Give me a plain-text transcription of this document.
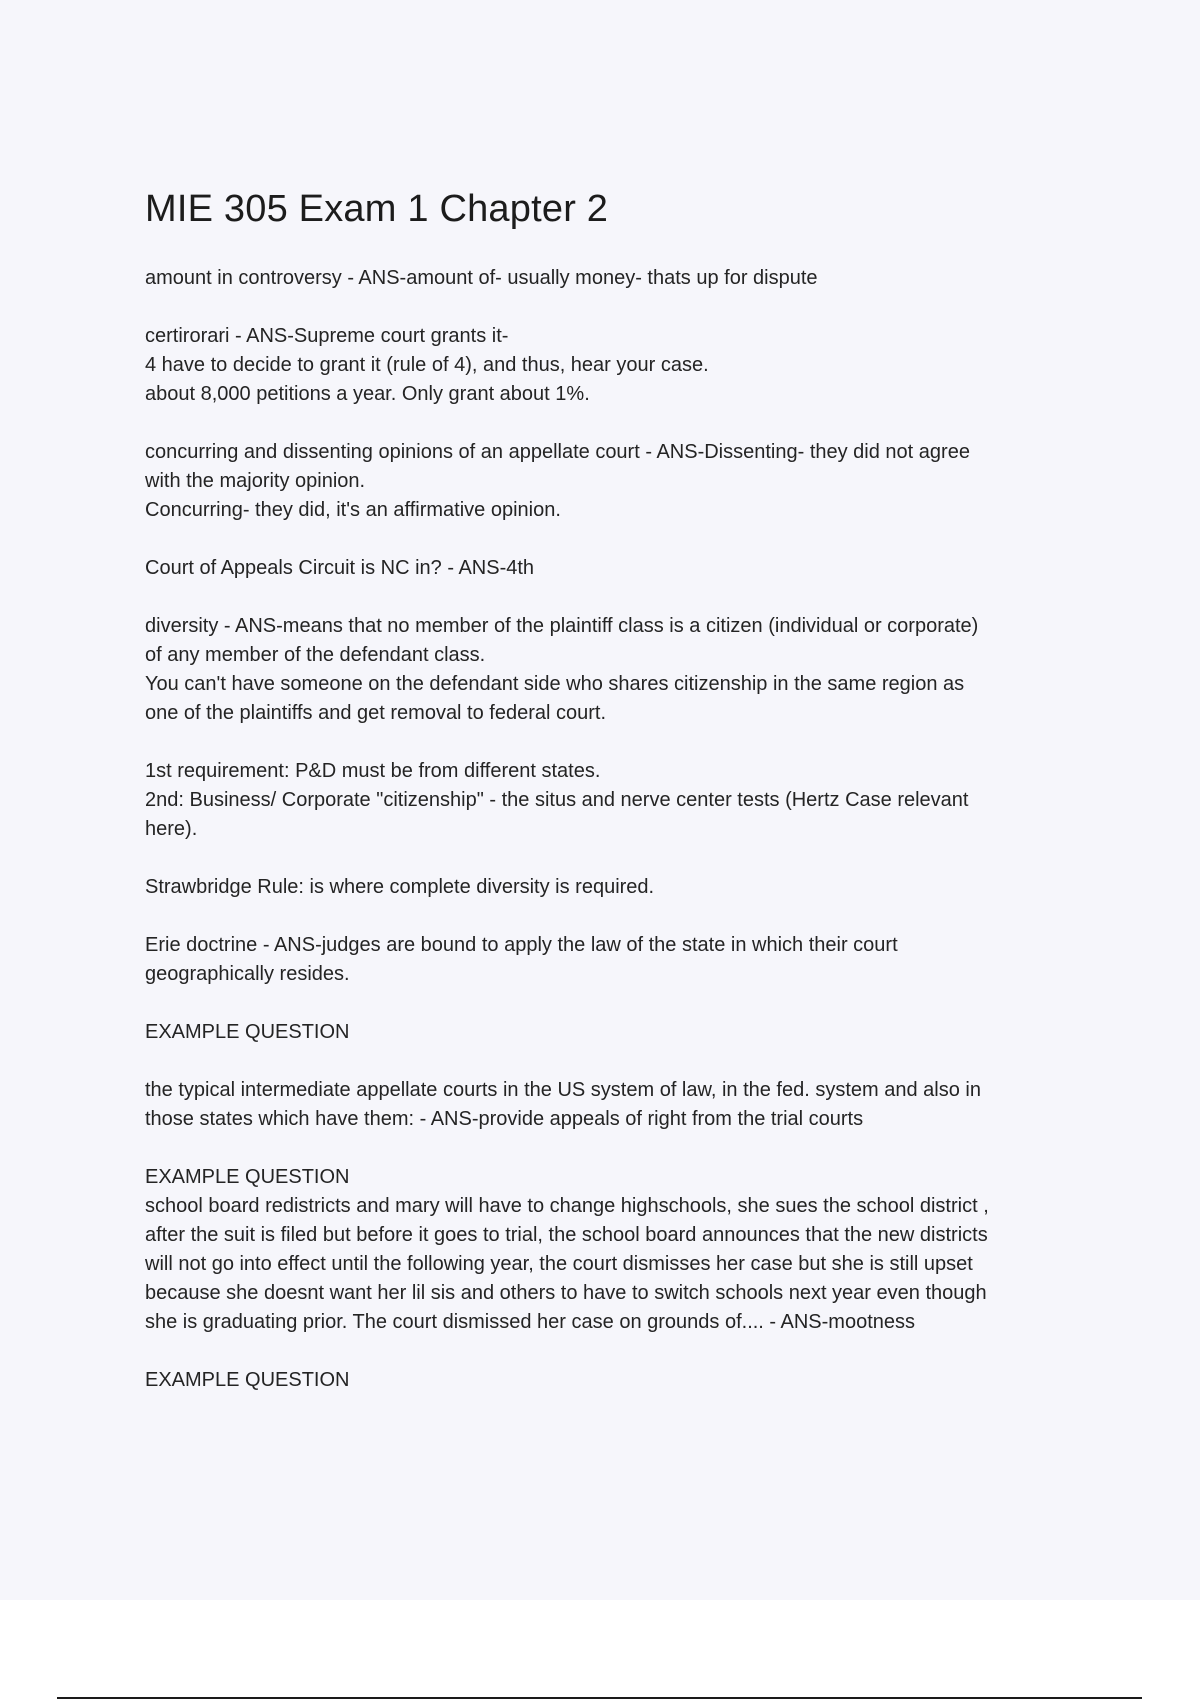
MIE 305 Exam 1 Chapter 2
amount in controversy - ANS-amount of- usually money- thats up for dispute
certirorari - ANS-Supreme court grants it-
4 have to decide to grant it (rule of 4), and thus, hear your case.
about 8,000 petitions a year. Only grant about 1%.
concurring and dissenting opinions of an appellate court - ANS-Dissenting- they did not agree
with the majority opinion.
Concurring- they did, it's an affirmative opinion.
Court of Appeals Circuit is NC in? - ANS-4th
diversity - ANS-means that no member of the plaintiff class is a citizen (individual or corporate)
of any member of the defendant class.
You can't have someone on the defendant side who shares citizenship in the same region as
one of the plaintiffs and get removal to federal court.
1st requirement: P&D must be from different states.
2nd: Business/ Corporate "citizenship" - the situs and nerve center tests (Hertz Case relevant
here).
Strawbridge Rule: is where complete diversity is required.
Erie doctrine - ANS-judges are bound to apply the law of the state in which their court
geographically resides.
EXAMPLE QUESTION
the typical intermediate appellate courts in the US system of law, in the fed. system and also in
those states which have them: - ANS-provide appeals of right from the trial courts
EXAMPLE QUESTION
school board redistricts and mary will have to change highschools, she sues the school district ,
after the suit is filed but before it goes to trial, the school board announces that the new districts
will not go into effect until the following year, the court dismisses her case but she is still upset
because she doesnt want her lil sis and others to have to switch schools next year even though
she is graduating prior. The court dismissed her case on grounds of.... - ANS-mootness
EXAMPLE QUESTION
